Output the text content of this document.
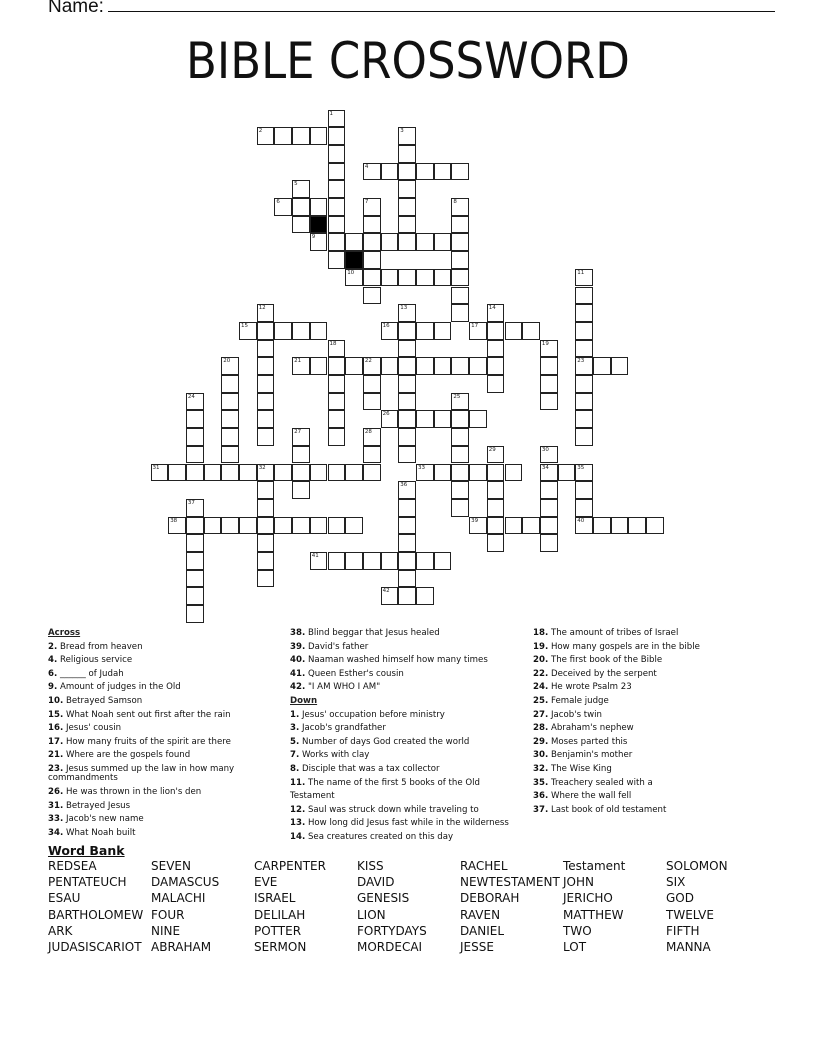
Name:
BIBLE CROSSWORD
1
2	3
4
5
6	7	8
9
10	11
23
12	13	14
15	16	17
18	19
20	21	22
24	25
26
27	28
29	30
34
31	32	33	35
40
36
37
38	39
41
42
Across
2. Bread from heaven
4. Religious service
6. ______ of Judah
9. Amount of judges in the Old
10. Betrayed Samson
15. What Noah sent out first after the rain
16. Jesus' cousin
17. How many fruits of the spirit are there
21. Where are the gospels found
23. Jesus summed up the law in how many commandments
26. He was thrown in the lion's den
31. Betrayed Jesus
33. Jacob's new name
34. What Noah built
38. Blind beggar that Jesus healed
39. David's father
40. Naaman washed himself how many times
41. Queen Esther's cousin
42. "I AM WHO I AM"
Down
1. Jesus' occupation before ministry
3. Jacob's grandfather
5. Number of days God created the world
7. Works with clay
8. Disciple that was a tax collector
11. The name of the first 5 books of the Old Testament
12. Saul was struck down while traveling to
13. How long did Jesus fast while in the wilderness
14. Sea creatures created on this day
18. The amount of tribes of Israel
19. How many gospels are in the bible
20. The first book of the Bible
22. Deceived by the serpent
24. He wrote Psalm 23
25. Female judge
27. Jacob's twin
28. Abraham's nephew
29. Moses parted this
30. Benjamin's mother
32. The Wise King
35. Treachery sealed with a
36. Where the wall fell
37. Last book of old testament
Word Bank
REDSEA	SEVEN	CARPENTER	KISS	RACHEL	Testament	SOLOMON
PENTATEUCH	DAMASCUS	EVE	DAVID	NEWTESTAMENT JOHN	SIX
ESAU	MALACHI	ISRAEL	GENESIS	DEBORAH	JERICHO	GOD
BARTHOLOMEW FOUR	DELILAH	LION	RAVEN	MATTHEW	TWELVE
ARK	NINE	POTTER	FORTYDAYS	DANIEL	TWO	FIFTH
JUDASISCARIOT ABRAHAM	SERMON	MORDECAI	JESSE	LOT	MANNA
